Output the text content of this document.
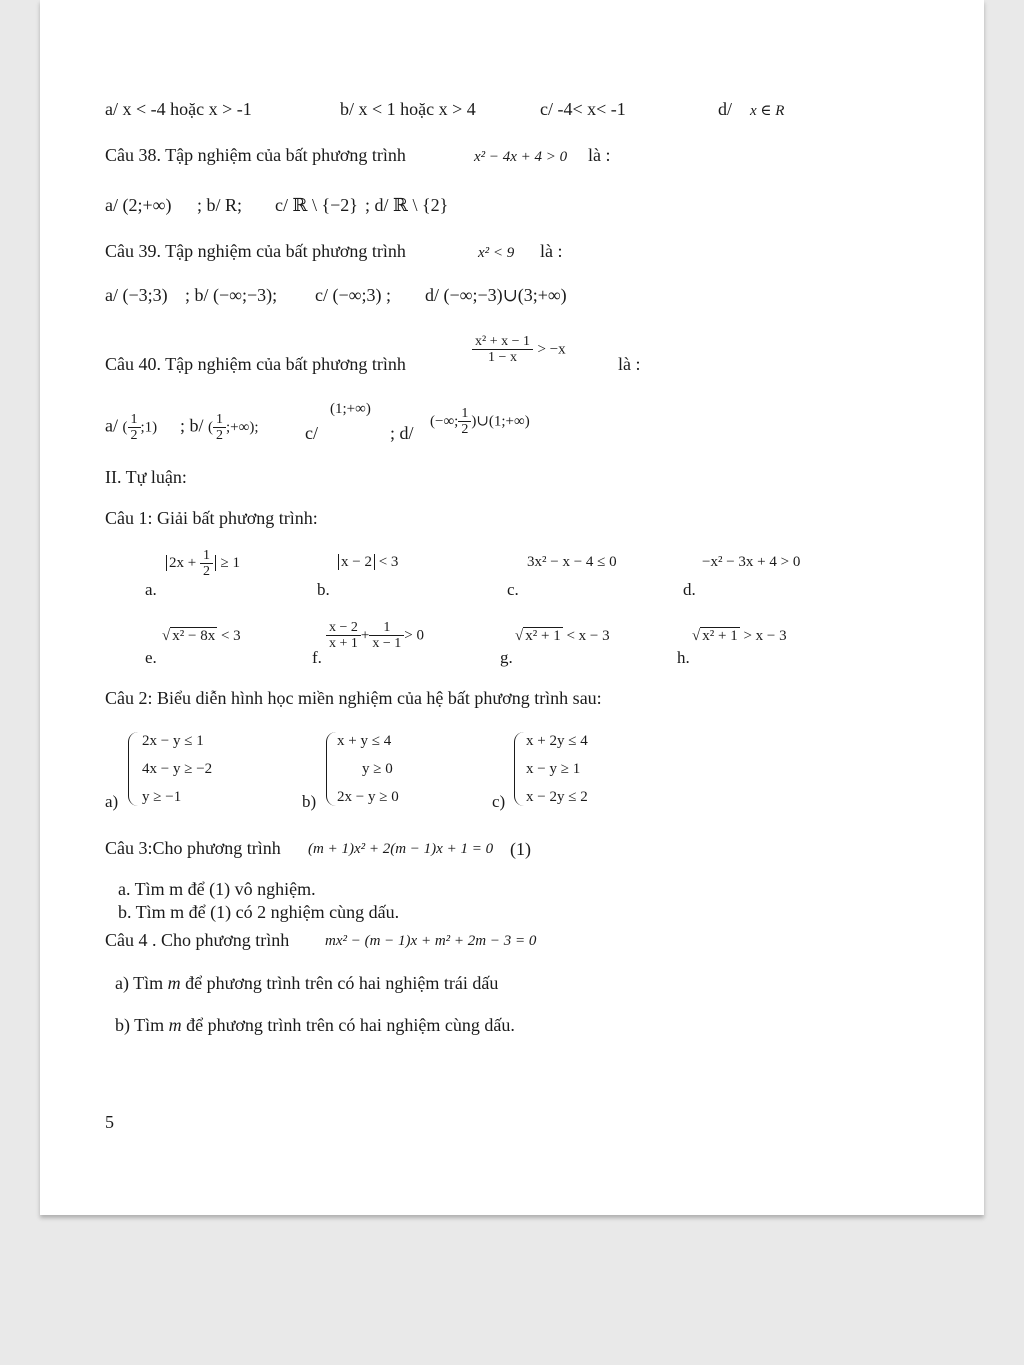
a/ x < -4 hoặc x > -1	b/ x < 1 hoặc x > 4	c/ -4< x< -1	d/ x ∈ R
Câu 38. Tập nghiệm của bất phương trình	x² − 4x + 4 > 0 là :
a/ (2;+∞) ; b/ R; c/ ℝ \ {−2} ; d/ ℝ \ {2}
Câu 39. Tập nghiệm của bất phương trình	x² < 9 là :
a/ (−3;3) ; b/ (−∞;−3); c/ (−∞;3) ; d/ (−∞;−3)∪(3;+∞)
Câu 40. Tập nghiệm của bất phương trình	$\frac{\text{x² + x − 1}}{1 - x} > -x$
là :
a/ ( $\frac{1}{2}$ ;1) ; b/ ( $\frac{1}{2}$ ;+∞);	c/
(1;+∞)
; d/
(−∞; $\frac{1}{2}$ )∪(1;+∞)
II. Tự luận:
Câu 1: Giải bất phương trình:
a.
$2x + \frac{1}{2} \ge 1$
b.
x − 2 < 3
c.
3x² − x − 4 ≤ 0
d.
−x² − 3x + 4 > 0
e.
√ x² − 8x < 3
f.
$\frac{x - 2}{x + 1} + \frac{1}{x - 1} > 0$
g.
√ x² + 1 < x − 3
h.
√ x² + 1 > x − 3
Câu 2: Biểu diễn hình học miền nghiệm của hệ bất phương trình sau:
a)
2x − y ≤ 1
4x − y ≥ −2
y ≥ −1	b)
x + y ≤ 4
y ≥ 0
2x − y ≥ 0	c)
x + 2y ≤ 4
x − y ≥ 1
x − 2y ≤ 2
Câu 3:Cho phương trình (m + 1)x² + 2(m − 1)x + 1 = 0 (1)
a. Tìm m để (1) vô nghiệm.
b. Tìm m để (1) có 2 nghiệm cùng dấu.
Câu 4 . Cho phương trình mx² − (m − 1)x + m² + 2m − 3 = 0
a) Tìm m để phương trình trên có hai nghiệm trái dấu
b) Tìm m để phương trình trên có hai nghiệm cùng dấu.
5
